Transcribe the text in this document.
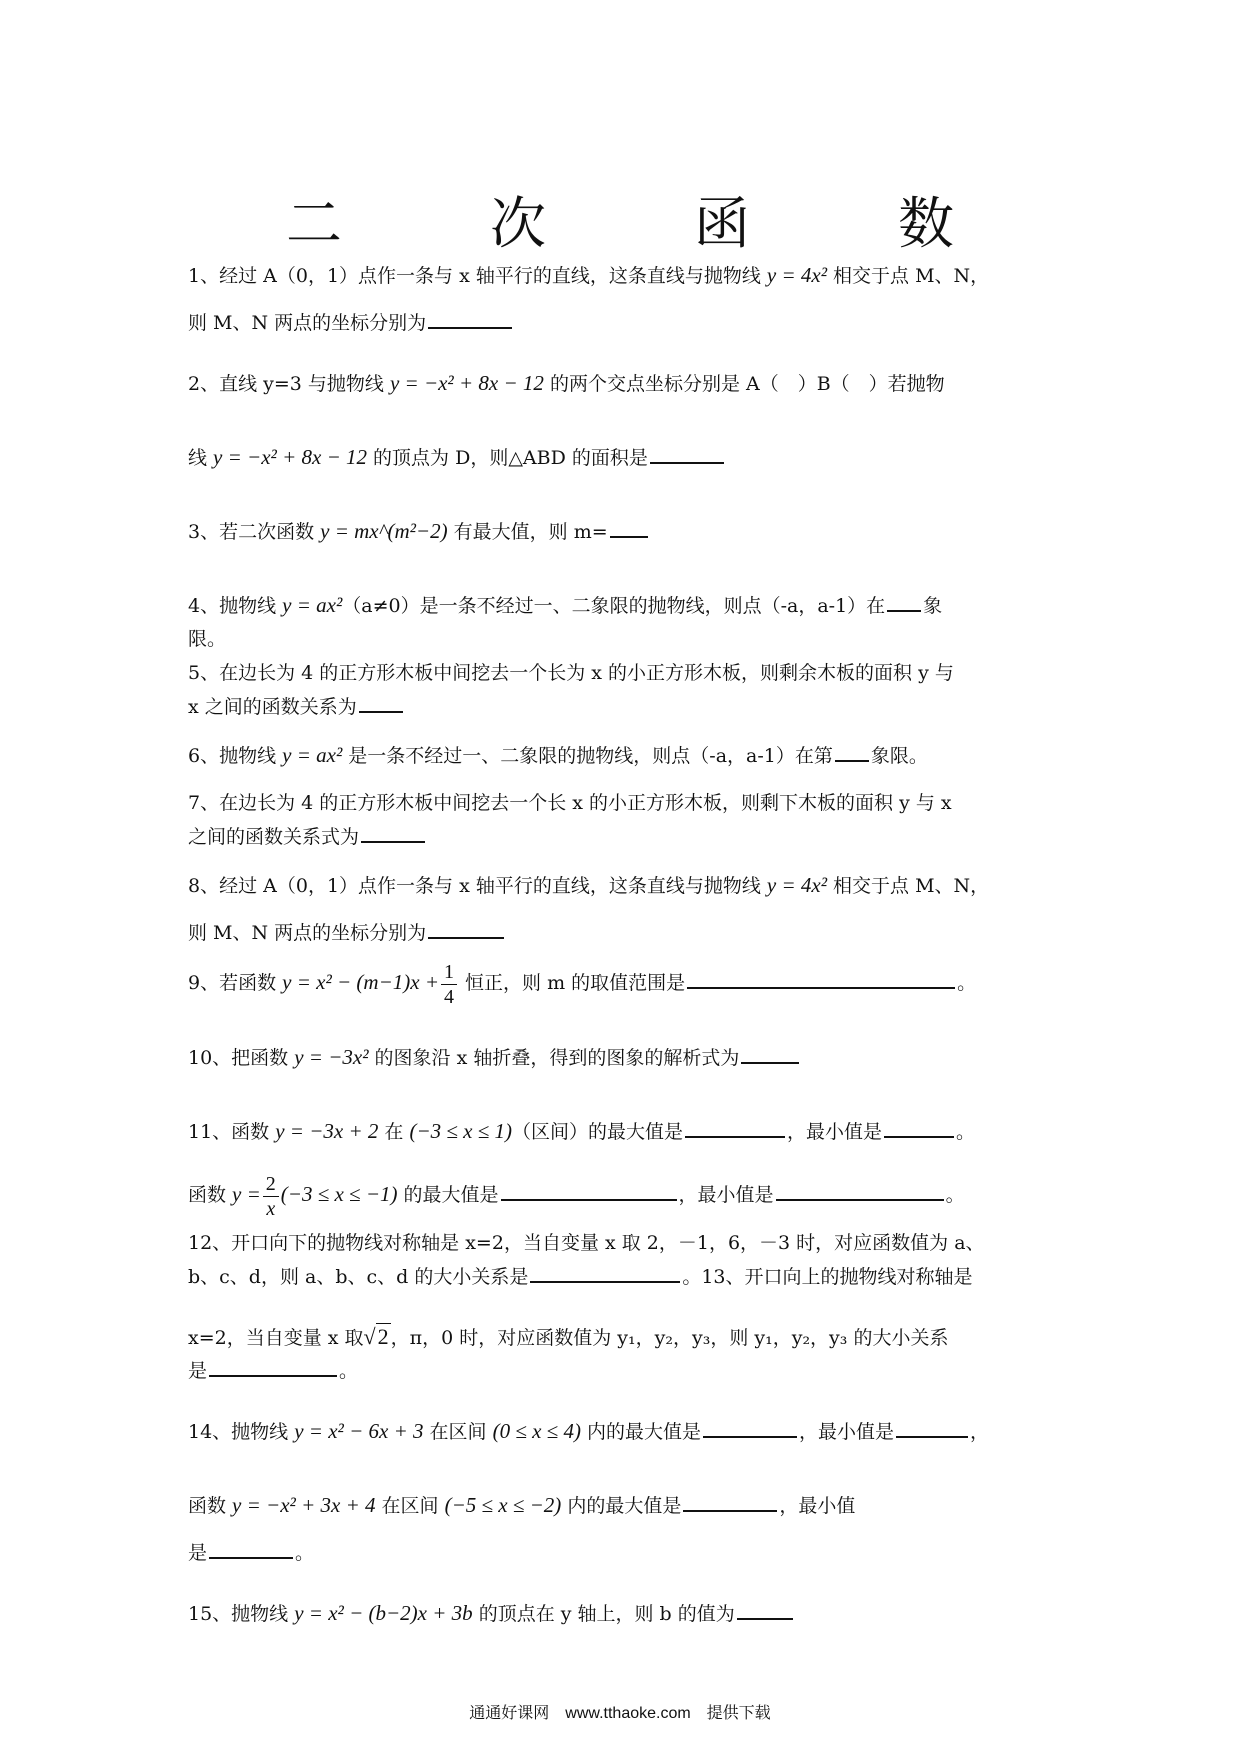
二　次　函　数
1、经过 A（0，1）点作一条与 x 轴平行的直线，这条直线与抛物线 y = 4x² 相交于点 M、N，
则 M、N 两点的坐标分别为
2、直线 y=3 与抛物线 y = −x² + 8x − 12 的两个交点坐标分别是 A（　）B（　）若抛物
线 y = −x² + 8x − 12 的顶点为 D，则△ABD 的面积是
3、若二次函数 y = mx^(m²−2) 有最大值，则 m=
4、抛物线 y = ax²（a≠0）是一条不经过一、二象限的抛物线，则点（-a，a-1）在 象
限。
5、在边长为 4 的正方形木板中间挖去一个长为 x 的小正方形木板，则剩余木板的面积 y 与
x 之间的函数关系为
6、抛物线 y = ax² 是一条不经过一、二象限的抛物线，则点（-a，a-1）在第 象限。
7、在边长为 4 的正方形木板中间挖去一个长 x 的小正方形木板，则剩下木板的面积 y 与 x
之间的函数关系式为
8、经过 A（0，1）点作一条与 x 轴平行的直线，这条直线与抛物线 y = 4x² 相交于点 M、N，
则 M、N 两点的坐标分别为
9、若函数 $y = x^2 - (m-1)x + \frac{1}{4}$ 恒正，则 m 的取值范围是	。
10、把函数 y = −3x² 的图象沿 x 轴折叠，得到的图象的解析式为
11、函数 y = −3x + 2 在 (−3 ≤ x ≤ 1)（区间）的最大值是	，最小值是	。
函数 $y = \frac{2}{x} (-3 \le x \le -1)$ 的最大值是	，最小值是	。
12、开口向下的抛物线对称轴是 x=2，当自变量 x 取 2，－1，6，－3 时，对应函数值为 a、
b、c、d，则 a、b、c、d 的大小关系是	。13、开口向上的抛物线对称轴是
x=2，当自变量 x 取√2 ，π，0 时，对应函数值为 y₁，y₂，y₃，则 y₁，y₂，y₃ 的大小关系
是	。
14、抛物线 y = x² − 6x + 3 在区间 (0 ≤ x ≤ 4) 内的最大值是	，最小值是	，
函数 y = −x² + 3x + 4 在区间 (−5 ≤ x ≤ −2) 内的最大值是	，最小值
是	。
15、抛物线 y = x² − (b−2)x + 3b 的顶点在 y 轴上，则 b 的值为
通通好课网　www.tthaoke.com　提供下载
